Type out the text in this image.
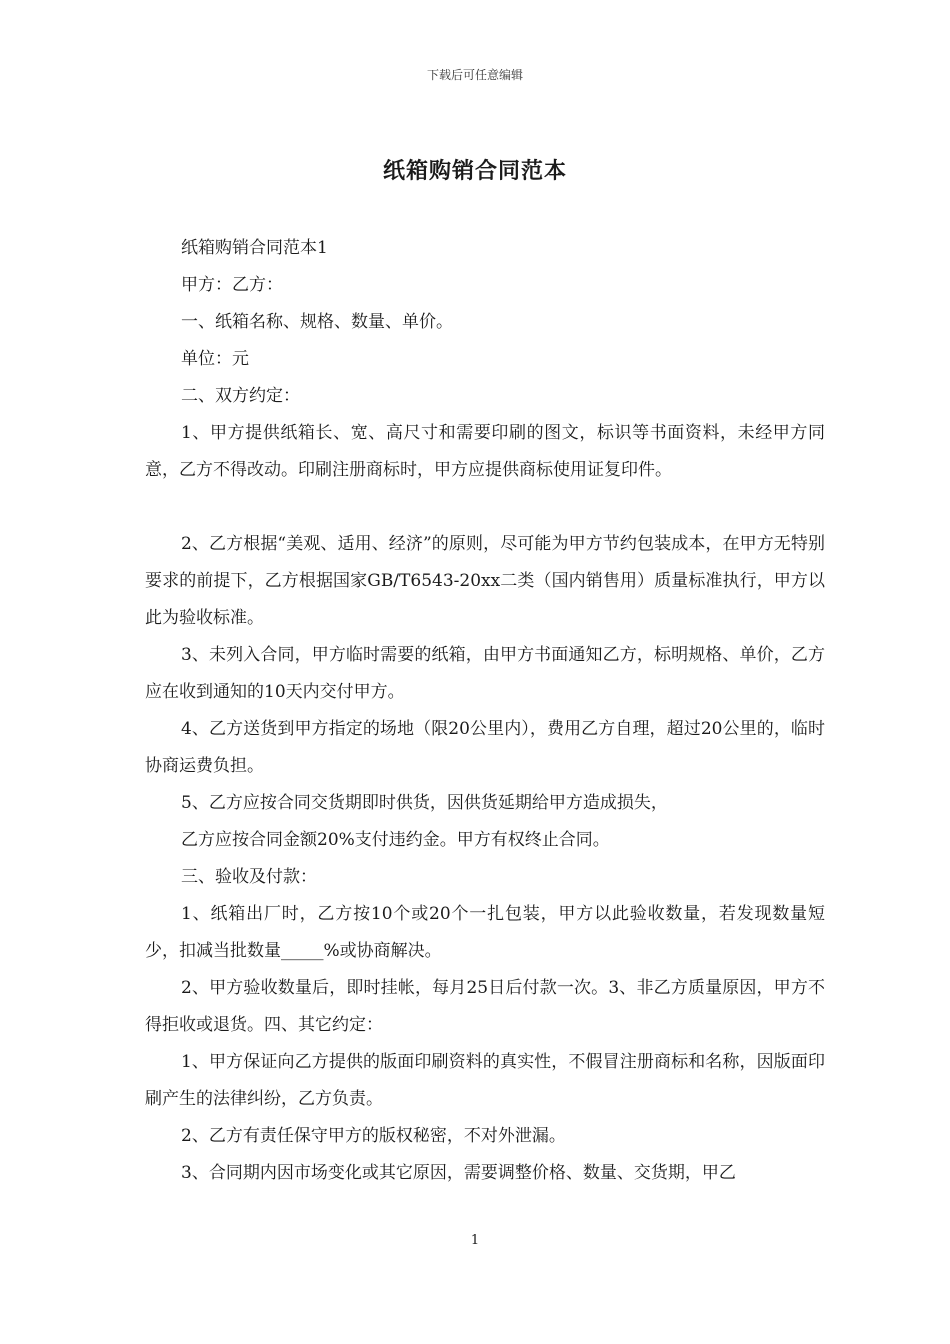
下载后可任意编辑
纸箱购销合同范本

纸箱购销合同范本1

甲方：乙方：

一、纸箱名称、规格、数量、单价。

单位：元

二、双方约定：

1、甲方提供纸箱长、宽、高尺寸和需要印刷的图文，标识等书面资料，未经甲方同意，乙方不得改动。印刷注册商标时，甲方应提供商标使用证复印件。

2、乙方根据“美观、适用、经济”的原则，尽可能为甲方节约包装成本，在甲方无特别要求的前提下，乙方根据国家GB/T6543-20xx二类（国内销售用）质量标准执行，甲方以此为验收标准。

3、未列入合同，甲方临时需要的纸箱，由甲方书面通知乙方，标明规格、单价，乙方应在收到通知的10天内交付甲方。

4、乙方送货到甲方指定的场地（限20公里内），费用乙方自理，超过20公里的，临时协商运费负担。

5、乙方应按合同交货期即时供货，因供货延期给甲方造成损失，

乙方应按合同金额20%支付违约金。甲方有权终止合同。

三、验收及付款：

1、纸箱出厂时，乙方按10个或20个一扎包装，甲方以此验收数量，若发现数量短少，扣减当批数量_____%或协商解决。

2、甲方验收数量后，即时挂帐，每月25日后付款一次。3、非乙方质量原因，甲方不得拒收或退货。四、其它约定：

1、甲方保证向乙方提供的版面印刷资料的真实性，不假冒注册商标和名称，因版面印刷产生的法律纠纷，乙方负责。

2、乙方有责任保守甲方的版权秘密，不对外泄漏。

3、合同期内因市场变化或其它原因，需要调整价格、数量、交货期，甲乙

1
